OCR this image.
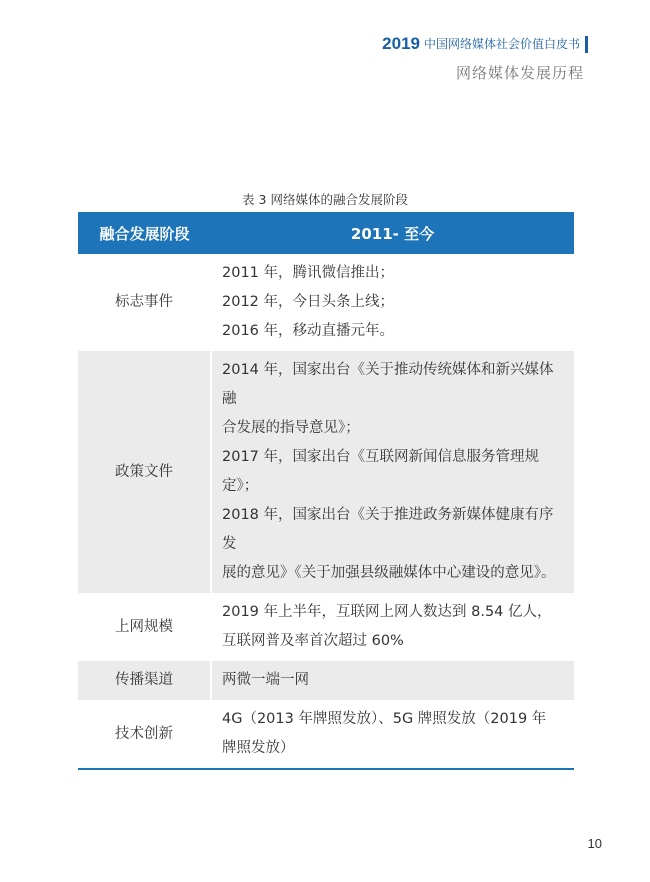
2019 中国网络媒体社会价值白皮书
网络媒体发展历程
表 3 网络媒体的融合发展阶段
融合发展阶段	2011- 至今
标志事件	2011 年，腾讯微信推出；
2012 年，今日头条上线；
2016 年，移动直播元年。

政策文件	2014 年，国家出台《关于推动传统媒体和新兴媒体融
合发展的指导意见》；
2017 年，国家出台《互联网新闻信息服务管理规定》；
2018 年，国家出台《关于推进政务新媒体健康有序发
展的意见》《关于加强县级融媒体中心建设的意见》。

上网规模	2019 年上半年，互联网上网人数达到 8.54 亿人，
互联网普及率首次超过 60%

传播渠道	两微一端一网

技术创新	4G（2013 年牌照发放）、5G 牌照发放（2019 年
牌照发放）
10
